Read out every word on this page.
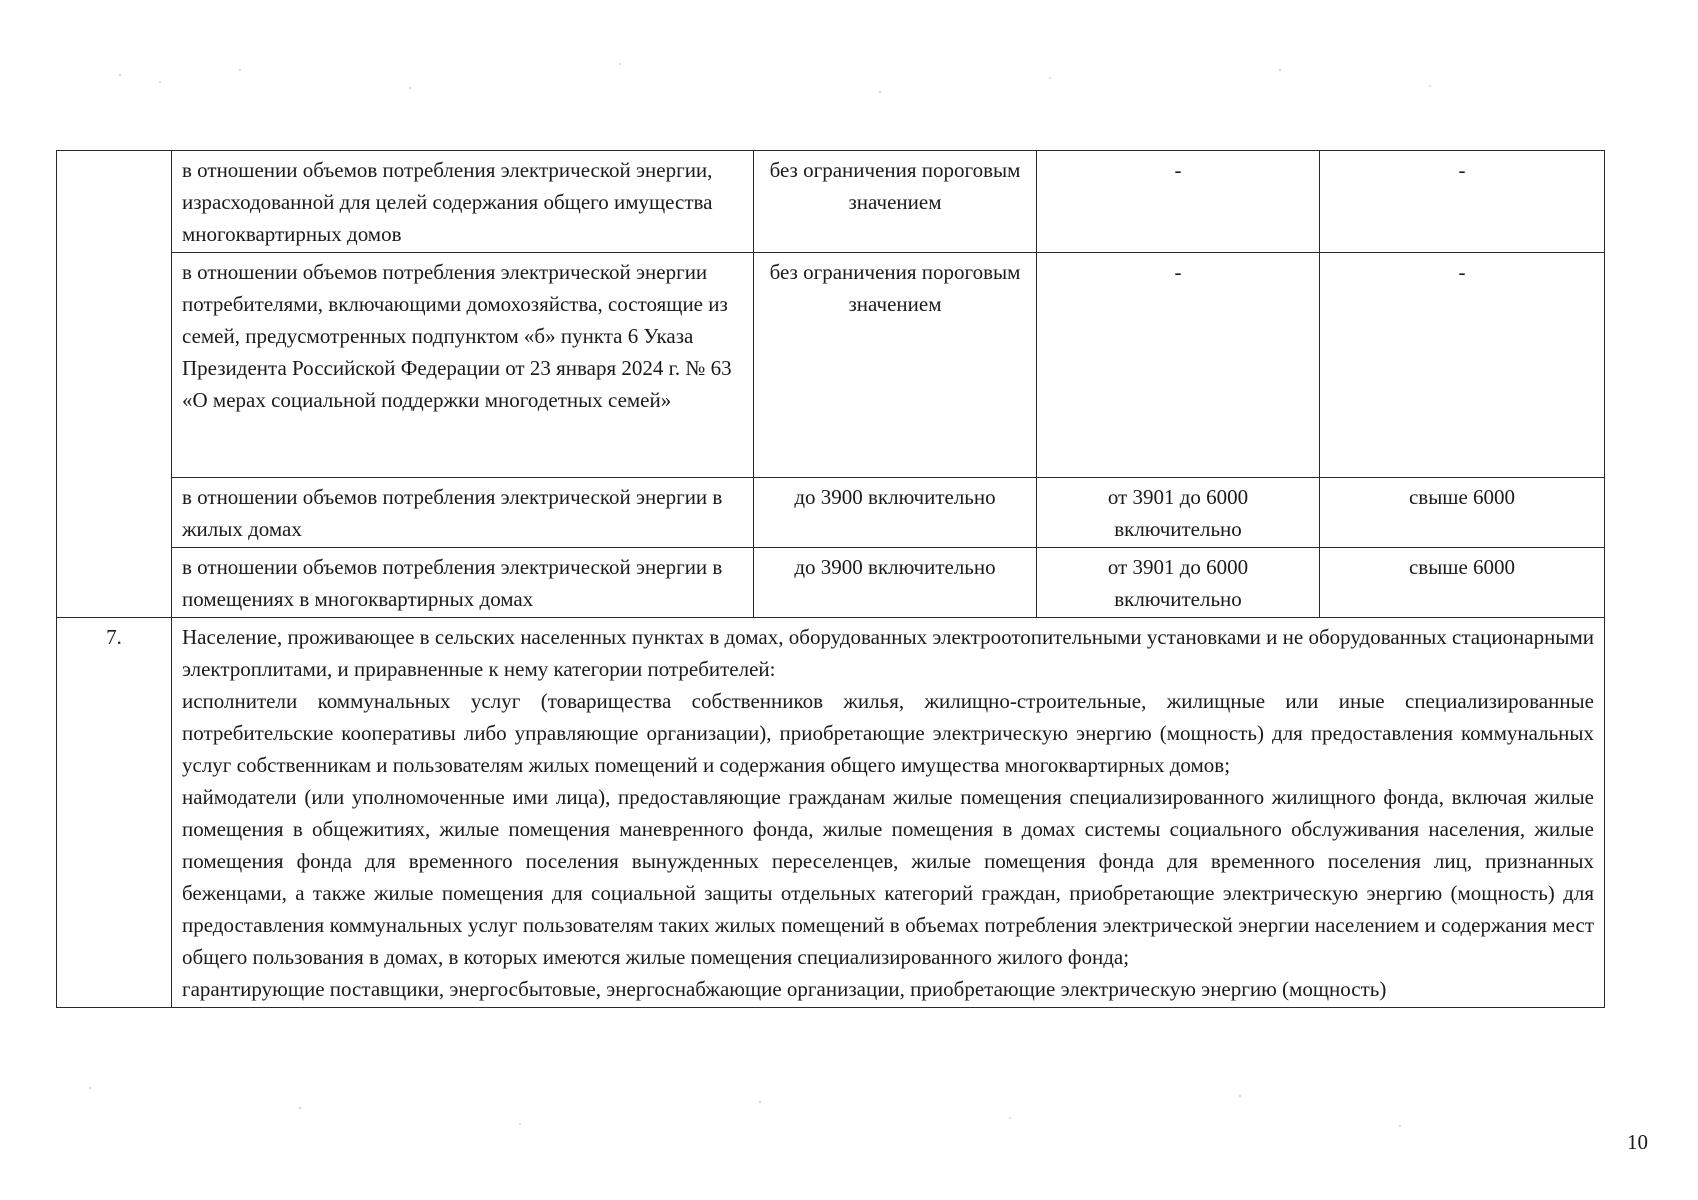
	в отношении объемов потребления электрической энергии, израсходованной для целей содержания общего имущества многоквартирных домов	без ограничения пороговым значением	-	-
	в отношении объемов потребления электрической энергии потребителями, включающими домохозяйства, состоящие из семей, предусмотренных подпунктом «б» пункта 6 Указа Президента Российской Федерации от 23 января 2024 г. № 63 «О мерах социальной поддержки многодетных семей»	без ограничения пороговым значением	-	-
	в отношении объемов потребления электрической энергии в жилых домах	до 3900 включительно	от 3901 до 6000 включительно	свыше 6000
	в отношении объемов потребления электрической энергии в помещениях в многоквартирных домах	до 3900 включительно	от 3901 до 6000 включительно	свыше 6000
7.	Население, проживающее в сельских населенных пунктах в домах, оборудованных электроотопительными установками и не оборудованных стационарными электроплитами, и приравненные к нему категории потребителей:

исполнители коммунальных услуг (товарищества собственников жилья, жилищно-строительные, жилищные или иные специализированные потребительские кооперативы либо управляющие организации), приобретающие электрическую энергию (мощность) для предоставления коммунальных услуг собственникам и пользователям жилых помещений и содержания общего имущества многоквартирных домов;

наймодатели (или уполномоченные ими лица), предоставляющие гражданам жилые помещения специализированного жилищного фонда, включая жилые помещения в общежитиях, жилые помещения маневренного фонда, жилые помещения в домах системы социального обслуживания населения, жилые помещения фонда для временного поселения вынужденных переселенцев, жилые помещения фонда для временного поселения лиц, признанных беженцами, а также жилые помещения для социальной защиты отдельных категорий граждан, приобретающие электрическую энергию (мощность) для предоставления коммунальных услуг пользователям таких жилых помещений в объемах потребления электрической энергии населением и содержания мест общего пользования в домах, в которых имеются жилые помещения специализированного жилого фонда;

гарантирующие поставщики, энергосбытовые, энергоснабжающие организации, приобретающие электрическую энергию (мощность)			

10
